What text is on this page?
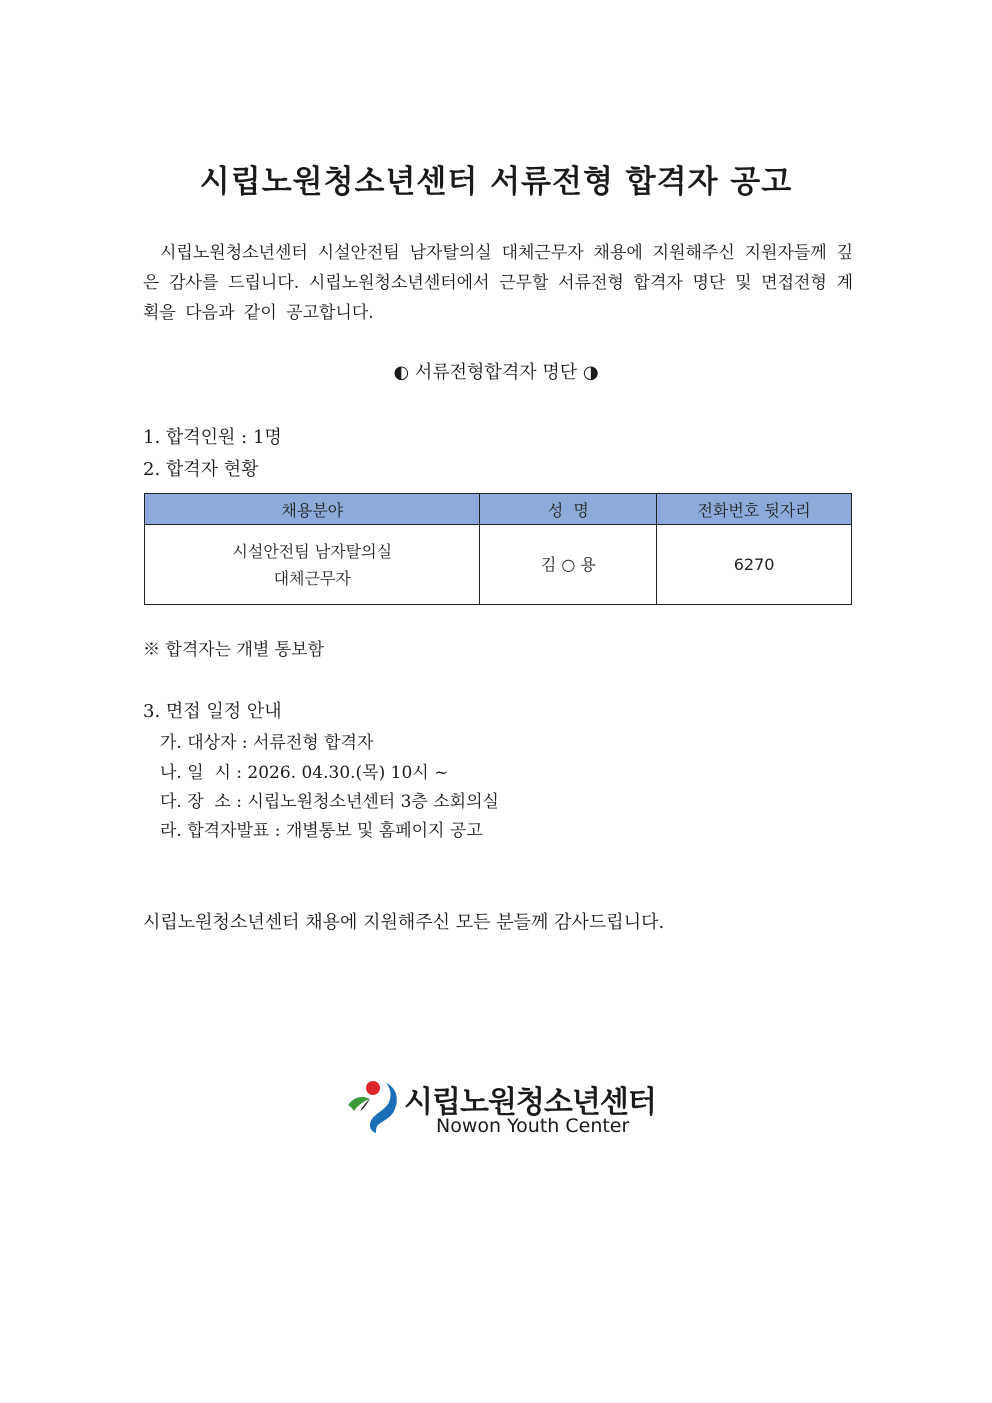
시립노원청소년센터 서류전형 합격자 공고

시립노원청소년센터 시설안전팀 남자탈의실 대체근무자 채용에 지원해주신 지원자들께 깊은 감사를 드립니다. 시립노원청소년센터에서 근무할 서류전형 합격자 명단 및 면접전형 계획을 다음과 같이 공고합니다.

◐ 서류전형합격자 명단 ◑
1. 합격인원 : 1명
2. 합격자 현황
채용분야	성  명	전화번호 뒷자리

시설안전팀 남자탈의실
대체근무자	김 ○ 용	6270
※ 합격자는 개별 통보함
3. 면접 일정 안내
가. 대상자 : 서류전형 합격자
나. 일  시 : 2026. 04.30.(목) 10시 ~
다. 장  소 : 시립노원청소년센터 3층 소회의실
라. 합격자발표 : 개별통보 및 홈페이지 공고
시립노원청소년센터 채용에 지원해주신 모든 분들께 감사드립니다.
시립노원청소년센터
Nowon Youth Center
